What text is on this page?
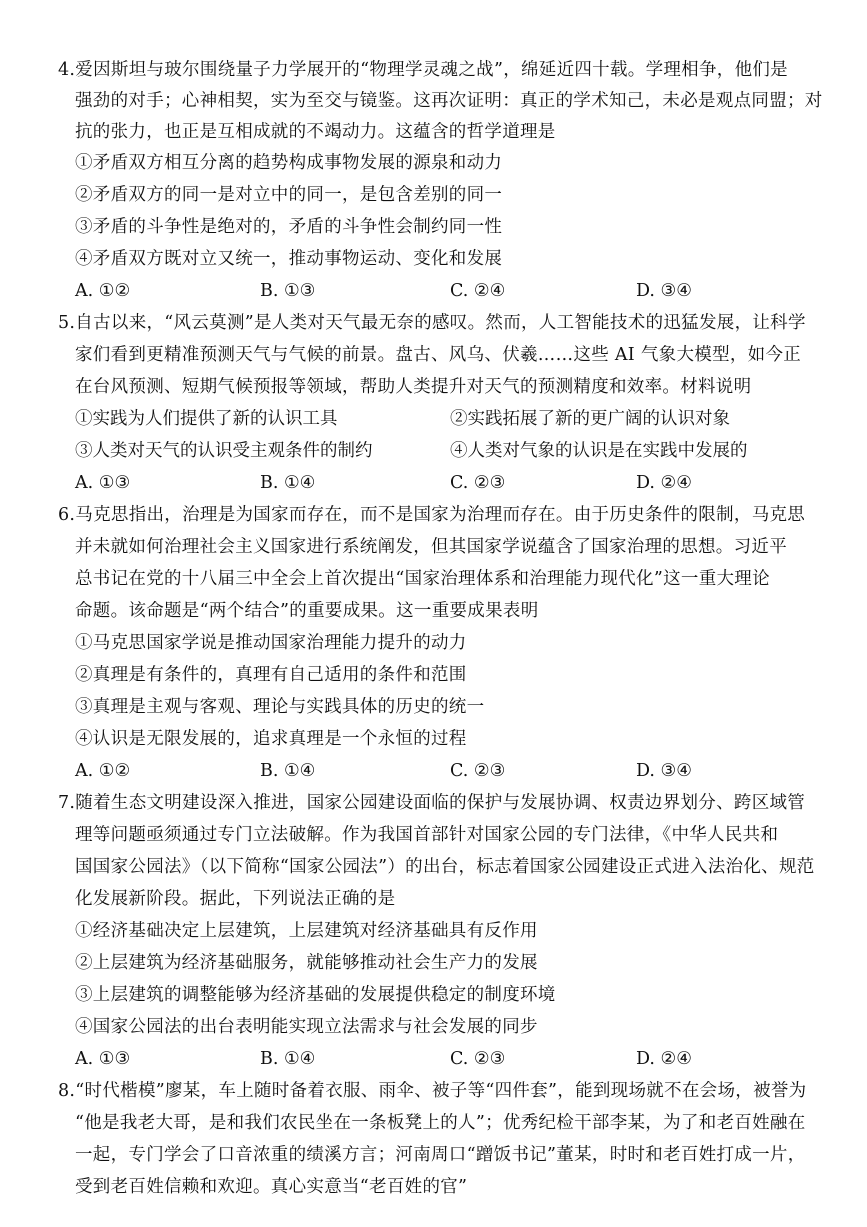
4.爱因斯坦与玻尔围绕量子力学展开的“物理学灵魂之战”，绵延近四十载。学理相争，他们是
强劲的对手；心神相契，实为至交与镜鉴。这再次证明：真正的学术知己，未必是观点同盟；对
抗的张力，也正是互相成就的不竭动力。这蕴含的哲学道理是
①矛盾双方相互分离的趋势构成事物发展的源泉和动力
②矛盾双方的同一是对立中的同一，是包含差别的同一
③矛盾的斗争性是绝对的，矛盾的斗争性会制约同一性
④矛盾双方既对立又统一，推动事物运动、变化和发展
A. ①②	B. ①③	C. ②④	D. ③④
5.自古以来，“风云莫测”是人类对天气最无奈的感叹。然而，人工智能技术的迅猛发展，让科学
家们看到更精准预测天气与气候的前景。盘古、风乌、伏羲……这些 AI 气象大模型，如今正
在台风预测、短期气候预报等领域，帮助人类提升对天气的预测精度和效率。材料说明
①实践为人们提供了新的认识工具	②实践拓展了新的更广阔的认识对象
③人类对天气的认识受主观条件的制约	④人类对气象的认识是在实践中发展的
A. ①③	B. ①④	C. ②③	D. ②④
6.马克思指出，治理是为国家而存在，而不是国家为治理而存在。由于历史条件的限制，马克思
并未就如何治理社会主义国家进行系统阐发，但其国家学说蕴含了国家治理的思想。习近平
总书记在党的十八届三中全会上首次提出“国家治理体系和治理能力现代化”这一重大理论
命题。该命题是“两个结合”的重要成果。这一重要成果表明
①马克思国家学说是推动国家治理能力提升的动力
②真理是有条件的，真理有自己适用的条件和范围
③真理是主观与客观、理论与实践具体的历史的统一
④认识是无限发展的，追求真理是一个永恒的过程
A. ①②	B. ①④	C. ②③	D. ③④
7.随着生态文明建设深入推进，国家公园建设面临的保护与发展协调、权责边界划分、跨区域管
理等问题亟须通过专门立法破解。作为我国首部针对国家公园的专门法律，《中华人民共和
国国家公园法》（以下简称“国家公园法”）的出台，标志着国家公园建设正式进入法治化、规范
化发展新阶段。据此，下列说法正确的是
①经济基础决定上层建筑，上层建筑对经济基础具有反作用
②上层建筑为经济基础服务，就能够推动社会生产力的发展
③上层建筑的调整能够为经济基础的发展提供稳定的制度环境
④国家公园法的出台表明能实现立法需求与社会发展的同步
A. ①③	B. ①④	C. ②③	D. ②④
8.“时代楷模”廖某，车上随时备着衣服、雨伞、被子等“四件套”，能到现场就不在会场，被誉为
“他是我老大哥，是和我们农民坐在一条板凳上的人”；优秀纪检干部李某，为了和老百姓融在
一起，专门学会了口音浓重的绩溪方言；河南周口“蹭饭书记”董某，时时和老百姓打成一片，
受到老百姓信赖和欢迎。真心实意当“老百姓的官”
